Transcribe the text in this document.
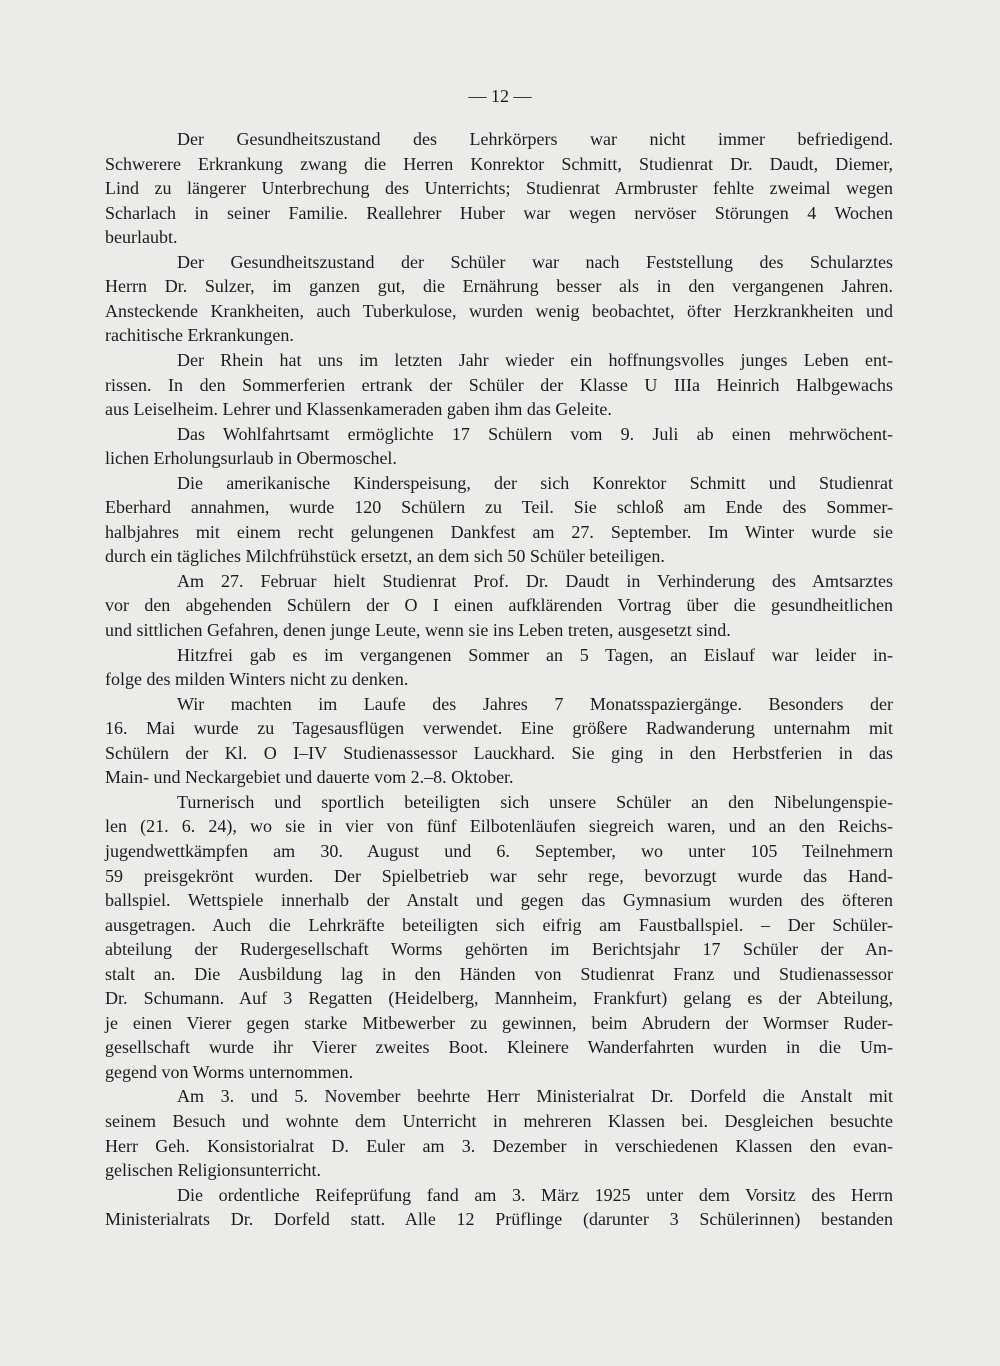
— 12 —
Der Gesundheitszustand des Lehrkörpers war nicht immer befriedigend.
Schwerere Erkrankung zwang die Herren Konrektor Schmitt, Studienrat Dr. Daudt, Diemer,
Lind zu längerer Unterbrechung des Unterrichts; Studienrat Armbruster fehlte zweimal wegen
Scharlach in seiner Familie. Reallehrer Huber war wegen nervöser Störungen 4 Wochen
beurlaubt.
Der Gesundheitszustand der Schüler war nach Feststellung des Schularztes
Herrn Dr. Sulzer, im ganzen gut, die Ernährung besser als in den vergangenen Jahren.
Ansteckende Krankheiten, auch Tuberkulose, wurden wenig beobachtet, öfter Herzkrankheiten und
rachitische Erkrankungen.
Der Rhein hat uns im letzten Jahr wieder ein hoffnungsvolles junges Leben ent-
rissen. In den Sommerferien ertrank der Schüler der Klasse U IIIa Heinrich Halbgewachs
aus Leiselheim. Lehrer und Klassenkameraden gaben ihm das Geleite.
Das Wohlfahrtsamt ermöglichte 17 Schülern vom 9. Juli ab einen mehrwöchent-
lichen Erholungsurlaub in Obermoschel.
Die amerikanische Kinderspeisung, der sich Konrektor Schmitt und Studienrat
Eberhard annahmen, wurde 120 Schülern zu Teil. Sie schloß am Ende des Sommer-
halbjahres mit einem recht gelungenen Dankfest am 27. September. Im Winter wurde sie
durch ein tägliches Milchfrühstück ersetzt, an dem sich 50 Schüler beteiligen.
Am 27. Februar hielt Studienrat Prof. Dr. Daudt in Verhinderung des Amtsarztes
vor den abgehenden Schülern der O I einen aufklärenden Vortrag über die gesundheitlichen
und sittlichen Gefahren, denen junge Leute, wenn sie ins Leben treten, ausgesetzt sind.
Hitzfrei gab es im vergangenen Sommer an 5 Tagen, an Eislauf war leider in-
folge des milden Winters nicht zu denken.
Wir machten im Laufe des Jahres 7 Monatsspaziergänge. Besonders der
16. Mai wurde zu Tagesausflügen verwendet. Eine größere Radwanderung unternahm mit
Schülern der Kl. O I–IV Studienassessor Lauckhard. Sie ging in den Herbstferien in das
Main- und Neckargebiet und dauerte vom 2.–8. Oktober.
Turnerisch und sportlich beteiligten sich unsere Schüler an den Nibelungenspie-
len (21. 6. 24), wo sie in vier von fünf Eilbotenläufen siegreich waren, und an den Reichs-
jugendwettkämpfen am 30. August und 6. September, wo unter 105 Teilnehmern
59 preisgekrönt wurden. Der Spielbetrieb war sehr rege, bevorzugt wurde das Hand-
ballspiel. Wettspiele innerhalb der Anstalt und gegen das Gymnasium wurden des öfteren
ausgetragen. Auch die Lehrkräfte beteiligten sich eifrig am Faustballspiel. – Der Schüler-
abteilung der Rudergesellschaft Worms gehörten im Berichtsjahr 17 Schüler der An-
stalt an. Die Ausbildung lag in den Händen von Studienrat Franz und Studienassessor
Dr. Schumann. Auf 3 Regatten (Heidelberg, Mannheim, Frankfurt) gelang es der Abteilung,
je einen Vierer gegen starke Mitbewerber zu gewinnen, beim Abrudern der Wormser Ruder-
gesellschaft wurde ihr Vierer zweites Boot. Kleinere Wanderfahrten wurden in die Um-
gegend von Worms unternommen.
Am 3. und 5. November beehrte Herr Ministerialrat Dr. Dorfeld die Anstalt mit
seinem Besuch und wohnte dem Unterricht in mehreren Klassen bei. Desgleichen besuchte
Herr Geh. Konsistorialrat D. Euler am 3. Dezember in verschiedenen Klassen den evan-
gelischen Religionsunterricht.
Die ordentliche Reifeprüfung fand am 3. März 1925 unter dem Vorsitz des Herrn
Ministerialrats Dr. Dorfeld statt. Alle 12 Prüflinge (darunter 3 Schülerinnen) bestanden
